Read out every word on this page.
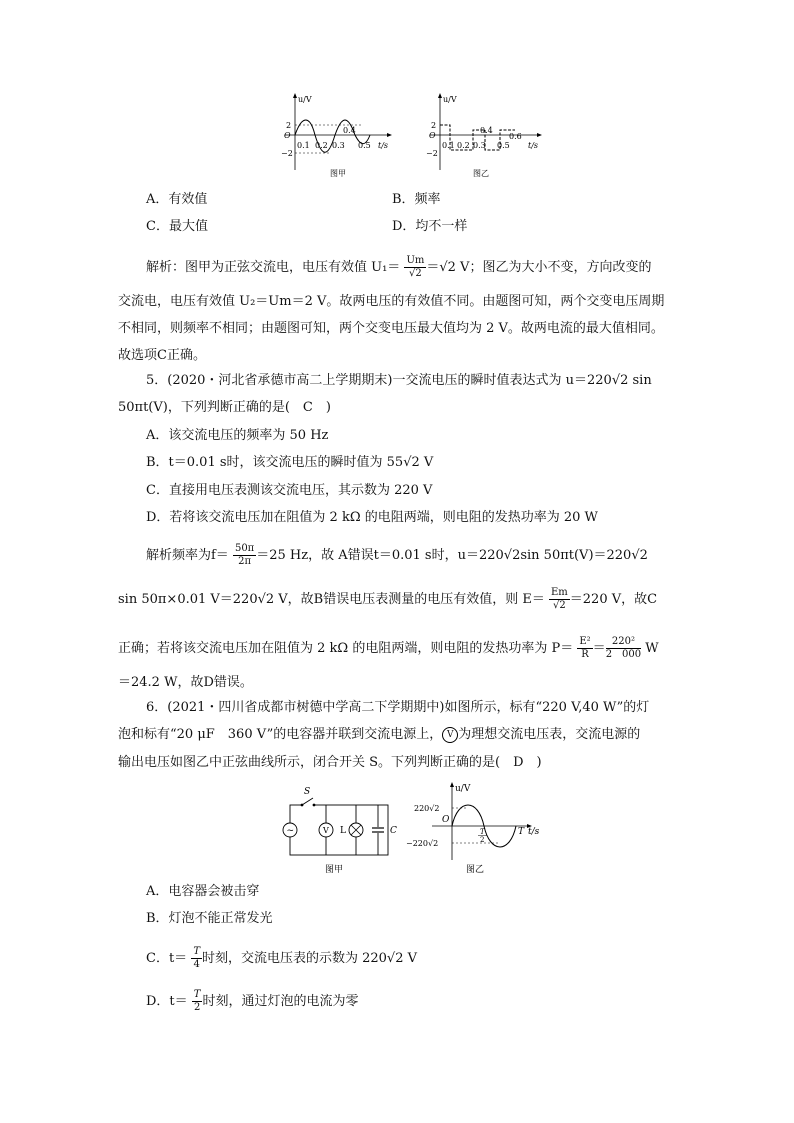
u/V
t/s
O
2
−2
0.1 0.2 0.3 0.5
0.4
图甲
u/V
t/s
O
2
−2
0.1 0.2 0.3 0.5
0.4
0.6
图乙
A．有效值	B．频率
C．最大值	D．均不一样
解析：图甲为正弦交流电，电压有效值 $U_1= \frac{Um}{√2} =√2$ V；图乙为大小不变，方向改变的
交流电，电压有效值 U₂＝Um＝2 V。故两电压的有效值不同。由题图可知，两个交变电压周期
不相同，则频率不相同；由题图可知，两个交变电压最大值均为 2 V。故两电流的最大值相同。
故选项C正确。
5．(2020・河北省承德市高二上学期期末)一交流电压的瞬时值表达式为 u＝220√2 sin
50πt(V)，下列判断正确的是(　C　)
A．该交流电压的频率为 50 Hz
B．t＝0.01 s时，该交流电压的瞬时值为 55√2 V
C．直接用电压表测该交流电压，其示数为 220 V
D．若将该交流电压加在阻值为 2 kΩ 的电阻两端，则电阻的发热功率为 20 W
解析频率为$f= \frac{50\pi}{2\pi} =25$ Hz，故 A错误t＝0.01 s时，u＝220√2sin 50πt(V)＝220√2
sin 50π×0.01 V＝220√2 V，故B错误电压表测量的电压有效值，则 $E= \frac{Em}{√2} =220$ V，故C
正确；若将该交流电压加在阻值为 2 kΩ 的电阻两端，则电阻的发热功率为 $P= \frac{\text{E²}}{R} = \frac{\text{220²}}{2 000}$ W
＝24.2 W，故D错误。
6．(2021・四川省成都市树德中学高二下学期期中)如图所示，标有“220 V,40 W”的灯
泡和标有“20 μF　360 V”的电容器并联到交流电源上， V 为理想交流电压表，交流电源的
输出电压如图乙中正弦曲线所示，闭合开关 S。下列判断正确的是(　D　)
S
~	V L	C
图甲
u/V
220√2
−220√2
O
T
2
T t/s
图乙
A．电容器会被击穿
B．灯泡不能正常发光
C．$t= \frac{T}{4}$ 时刻，交流电压表的示数为 220√2 V
D．$t= \frac{T}{2}$ 时刻，通过灯泡的电流为零
